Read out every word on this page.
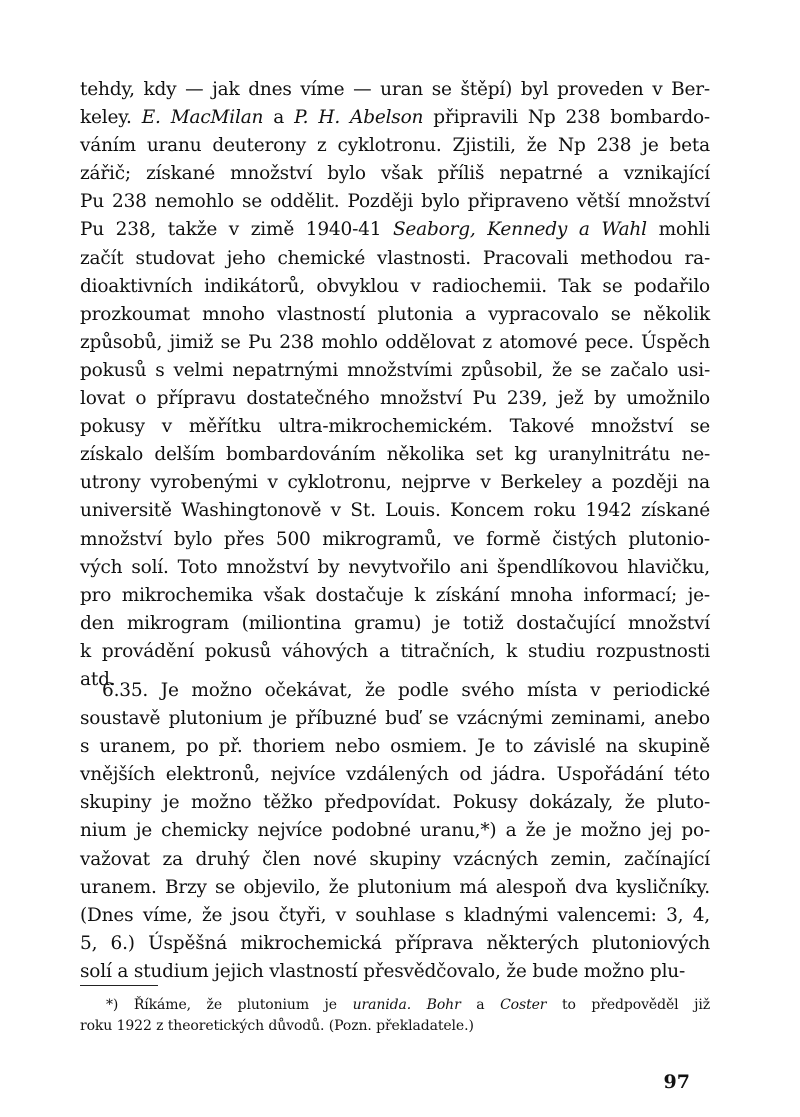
tehdy, kdy — jak dnes víme — uran se štěpí) byl proveden v Ber-
keley. E. MacMilan a P. H. Abelson připravili Np 238 bombardo-
váním uranu deuterony z cyklotronu. Zjistili, že Np 238 je beta
zářič; získané množství bylo však příliš nepatrné a vznikající
Pu 238 nemohlo se oddělit. Později bylo připraveno větší množství
Pu 238, takže v zimě 1940-41 Seaborg, Kennedy a Wahl mohli
začít studovat jeho chemické vlastnosti. Pracovali methodou ra-
dioaktivních indikátorů, obvyklou v radiochemii. Tak se podařilo
prozkoumat mnoho vlastností plutonia a vypracovalo se několik
způsobů, jimiž se Pu 238 mohlo oddělovat z atomové pece. Úspěch
pokusů s velmi nepatrnými množstvími způsobil, že se začalo usi-
lovat o přípravu dostatečného množství Pu 239, jež by umožnilo
pokusy v měřítku ultra-mikrochemickém. Takové množství se
získalo delším bombardováním několika set kg uranylnitrátu ne-
utrony vyrobenými v cyklotronu, nejprve v Berkeley a později na
universitě Washingtonově v St. Louis. Koncem roku 1942 získané
množství bylo přes 500 mikrogramů, ve formě čistých plutonio-
vých solí. Toto množství by nevytvořilo ani špendlíkovou hlavičku,
pro mikrochemika však dostačuje k získání mnoha informací; je-
den mikrogram (miliontina gramu) je totiž dostačující množství
k provádění pokusů váhových a titračních, k studiu rozpustnosti
atd.
6.35. Je možno očekávat, že podle svého místa v periodické
soustavě plutonium je příbuzné buď se vzácnými zeminami, anebo
s uranem, po př. thoriem nebo osmiem. Je to závislé na skupině
vnějších elektronů, nejvíce vzdálených od jádra. Uspořádání této
skupiny je možno těžko předpovídat. Pokusy dokázaly, že pluto-
nium je chemicky nejvíce podobné uranu,*) a že je možno jej po-
važovat za druhý člen nové skupiny vzácných zemin, začínající
uranem. Brzy se objevilo, že plutonium má alespoň dva kysličníky.
(Dnes víme, že jsou čtyři, v souhlase s kladnými valencemi: 3, 4,
5, 6.) Úspěšná mikrochemická příprava některých plutoniových
solí a studium jejich vlastností přesvědčovalo, že bude možno plu-
*) Říkáme, že plutonium je uranida. Bohr a Coster to předpověděl již
roku 1922 z theoretických důvodů. (Pozn. překladatele.)
97
